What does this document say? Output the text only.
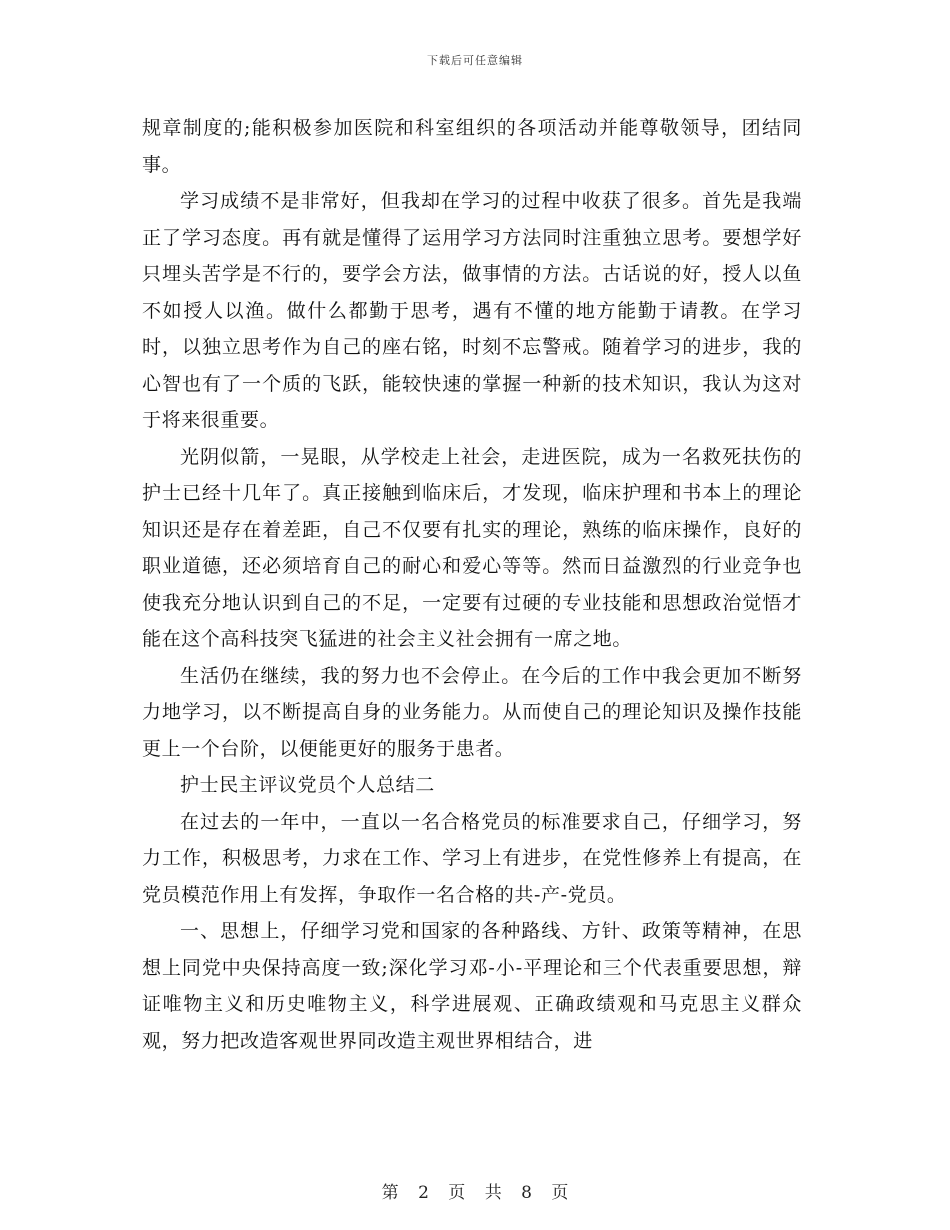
下载后可任意编辑

规章制度的;能积极参加医院和科室组织的各项活动并能尊敬领导，团结同事。

学习成绩不是非常好，但我却在学习的过程中收获了很多。首先是我端正了学习态度。再有就是懂得了运用学习方法同时注重独立思考。要想学好只埋头苦学是不行的，要学会方法，做事情的方法。古话说的好，授人以鱼不如授人以渔。做什么都勤于思考，遇有不懂的地方能勤于请教。在学习时，以独立思考作为自己的座右铭，时刻不忘警戒。随着学习的进步，我的心智也有了一个质的飞跃，能较快速的掌握一种新的技术知识，我认为这对于将来很重要。

光阴似箭，一晃眼，从学校走上社会，走进医院，成为一名救死扶伤的护士已经十几年了。真正接触到临床后，才发现，临床护理和书本上的理论知识还是存在着差距，自己不仅要有扎实的理论，熟练的临床操作，良好的职业道德，还必须培育自己的耐心和爱心等等。然而日益激烈的行业竞争也使我充分地认识到自己的不足，一定要有过硬的专业技能和思想政治觉悟才能在这个高科技突飞猛进的社会主义社会拥有一席之地。

生活仍在继续，我的努力也不会停止。在今后的工作中我会更加不断努力地学习，以不断提高自身的业务能力。从而使自己的理论知识及操作技能更上一个台阶，以便能更好的服务于患者。

护士民主评议党员个人总结二

在过去的一年中，一直以一名合格党员的标准要求自己，仔细学习，努力工作，积极思考，力求在工作、学习上有进步，在党性修养上有提高，在党员模范作用上有发挥，争取作一名合格的共-产-党员。

一、思想上，仔细学习党和国家的各种路线、方针、政策等精神，在思想上同党中央保持高度一致;深化学习邓-小-平理论和三个代表重要思想，辩证唯物主义和历史唯物主义，科学进展观、正确政绩观和马克思主义群众观，努力把改造客观世界同改造主观世界相结合，进

第 2 页 共 8 页
